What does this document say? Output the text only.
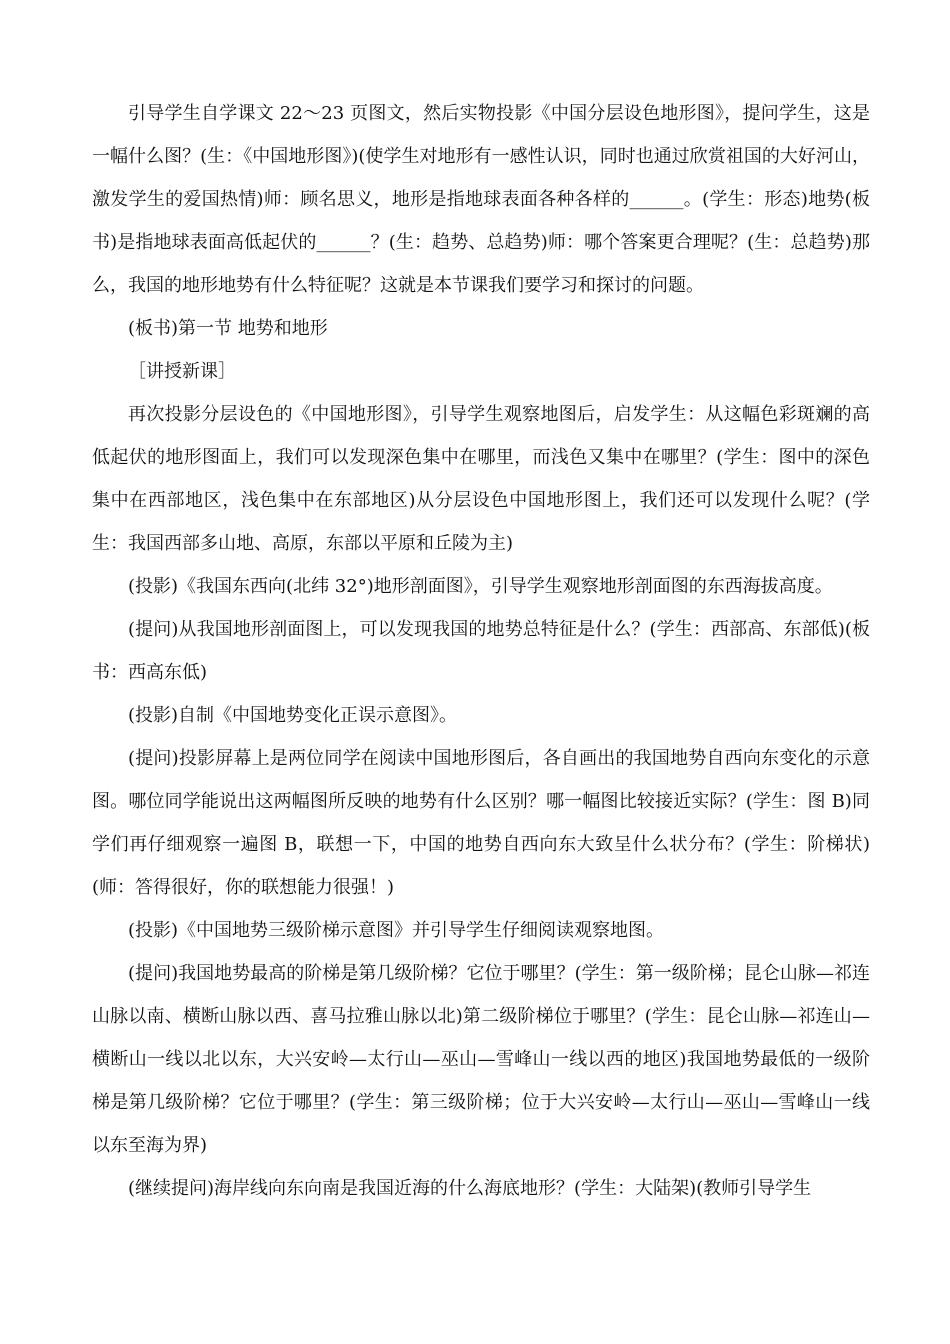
引导学生自学课文 22～23 页图文，然后实物投影《中国分层设色地形图》，提问学生，这是一幅什么图？(生：《中国地形图》)(使学生对地形有一感性认识，同时也通过欣赏祖国的大好河山，激发学生的爱国热情)师：顾名思义，地形是指地球表面各种各样的______。(学生：形态)地势(板书)是指地球表面高低起伏的______？(生：趋势、总趋势)师：哪个答案更合理呢？(生：总趋势)那么，我国的地形地势有什么特征呢？这就是本节课我们要学习和探讨的问题。

(板书)第一节 地势和地形

［讲授新课］

再次投影分层设色的《中国地形图》，引导学生观察地图后，启发学生：从这幅色彩斑斓的高低起伏的地形图面上，我们可以发现深色集中在哪里，而浅色又集中在哪里？(学生：图中的深色集中在西部地区，浅色集中在东部地区)从分层设色中国地形图上，我们还可以发现什么呢？(学生：我国西部多山地、高原，东部以平原和丘陵为主)

(投影)《我国东西向(北纬 32°)地形剖面图》，引导学生观察地形剖面图的东西海拔高度。

(提问)从我国地形剖面图上，可以发现我国的地势总特征是什么？(学生：西部高、东部低)(板书：西高东低)

(投影)自制《中国地势变化正误示意图》。

(提问)投影屏幕上是两位同学在阅读中国地形图后，各自画出的我国地势自西向东变化的示意图。哪位同学能说出这两幅图所反映的地势有什么区别？哪一幅图比较接近实际？(学生：图 B)同学们再仔细观察一遍图 B，联想一下，中国的地势自西向东大致呈什么状分布？(学生：阶梯状)(师：答得很好，你的联想能力很强！)

(投影)《中国地势三级阶梯示意图》并引导学生仔细阅读观察地图。

(提问)我国地势最高的阶梯是第几级阶梯？它位于哪里？(学生：第一级阶梯；昆仑山脉—祁连山脉以南、横断山脉以西、喜马拉雅山脉以北)第二级阶梯位于哪里？(学生：昆仑山脉—祁连山—横断山一线以北以东，大兴安岭—太行山—巫山—雪峰山一线以西的地区)我国地势最低的一级阶梯是第几级阶梯？它位于哪里？(学生：第三级阶梯；位于大兴安岭—太行山—巫山—雪峰山一线以东至海为界)

(继续提问)海岸线向东向南是我国近海的什么海底地形？(学生：大陆架)(教师引导学生
